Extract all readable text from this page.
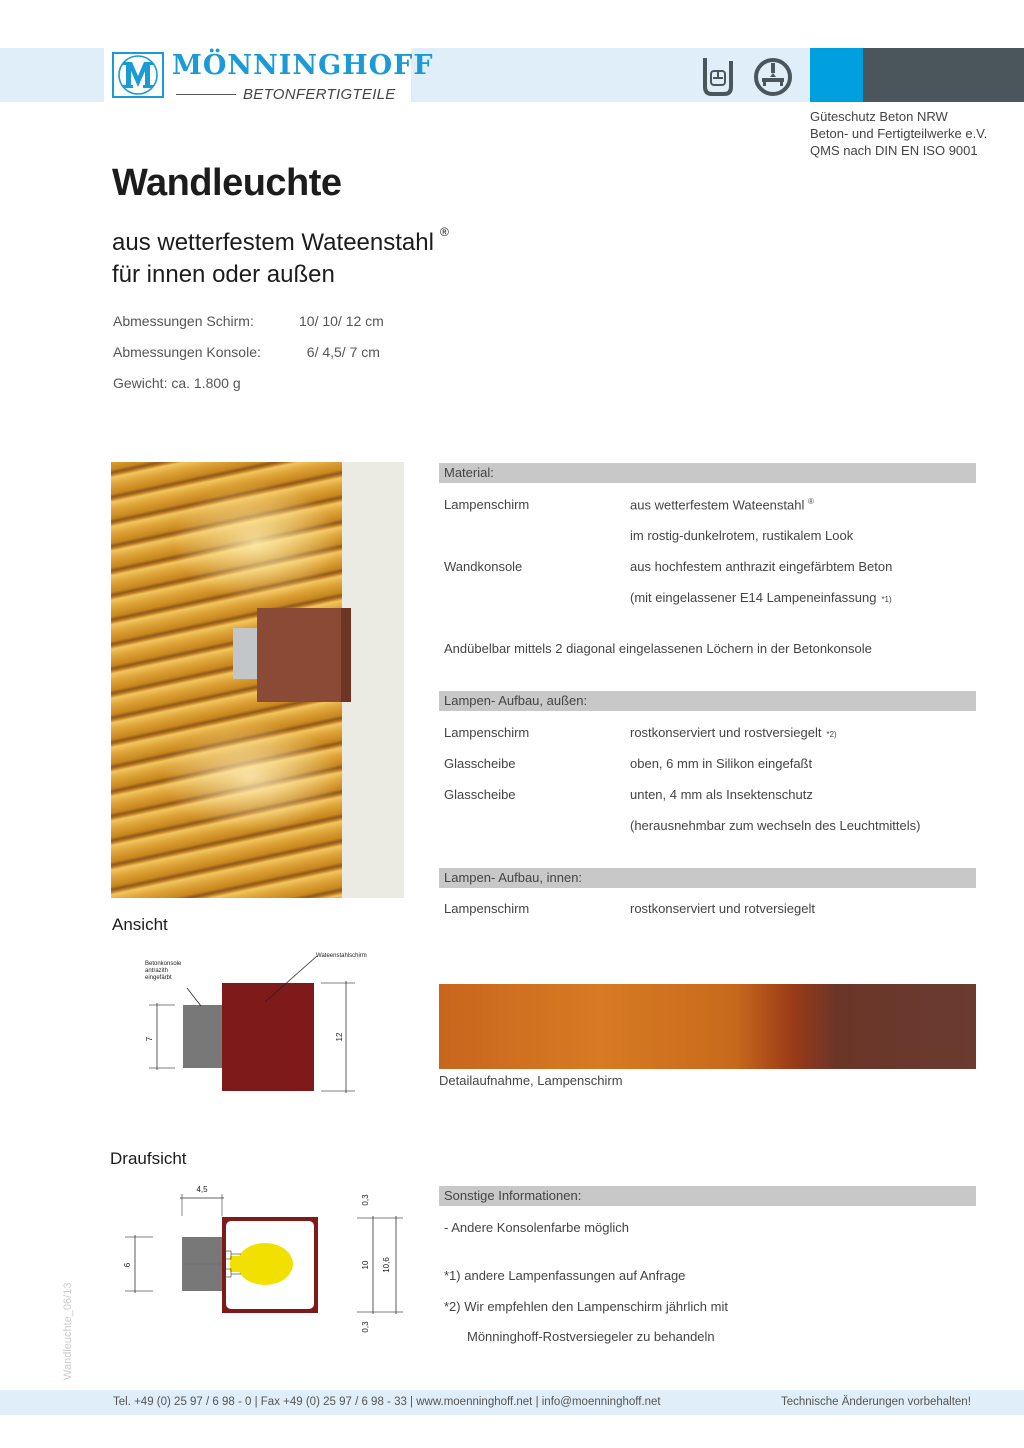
MÖNNINGHOFF
BETONFERTIGTEILE
Güteschutz Beton NRW
Beton- und Fertigteilwerke e.V.
QMS nach DIN EN ISO 9001
Wandleuchte
aus wetterfestem Wateenstahl ®
für innen oder außen
Abmessungen Schirm:	10/ 10/ 12 cm
Abmessungen Konsole:	6/ 4,5/ 7 cm
Gewicht: ca. 1.800 g
Ansicht
Betonkonsole
antrazith
eingefärbt
Wateenstahlschirm
7	12
Draufsicht
4,5
6
0,3
10 10,6
0,3
Material:
Lampenschirm	aus wetterfestem Wateenstahl ®
im rostig-dunkelrotem, rustikalem Look
Wandkonsole	aus hochfestem anthrazit eingefärbtem Beton
(mit eingelassener E14 Lampeneinfassung *1)
Andübelbar mittels 2 diagonal eingelassenen Löchern in der Betonkonsole
Lampen- Aufbau, außen:
Lampenschirm	rostkonserviert und rostversiegelt *2)
Glasscheibe	oben, 6 mm in Silikon eingefaßt
Glasscheibe	unten, 4 mm als Insektenschutz
(herausnehmbar zum wechseln des Leuchtmittels)
Lampen- Aufbau, innen:
Lampenschirm	rostkonserviert und rotversiegelt
Detailaufnahme, Lampenschirm
Sonstige Informationen:
- Andere Konsolenfarbe möglich
*1) andere Lampenfassungen auf Anfrage
*2) Wir empfehlen den Lampenschirm jährlich mit
Mönninghoff-Rostversiegeler zu behandeln
Wandleuchte_06/13
Tel. +49 (0) 25 97 / 6 98 - 0 | Fax +49 (0) 25 97 / 6 98 - 33 | www.moenninghoff.net | info@moenninghoff.net	Technische Änderungen vorbehalten!
